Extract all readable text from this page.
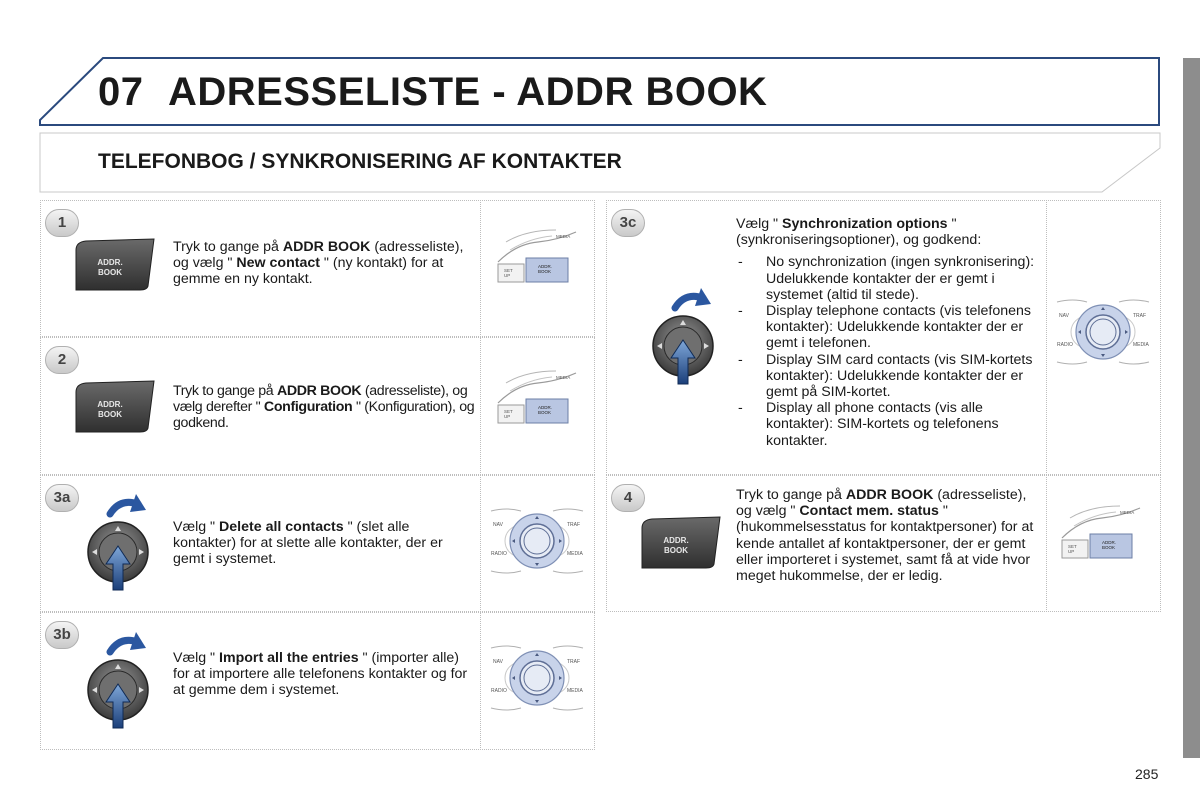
07 ADRESSELISTE - ADDR BOOK
TELEFONBOG / SYNKRONISERING AF KONTAKTER
1
ADDR.
BOOK
Tryk to gange på ADDR BOOK (adresseliste), og vælg " New contact " (ny kontakt) for at gemme en ny kontakt.
SET
UP
ADDR.
BOOK
MEDIA
2
ADDR.
BOOK
Tryk to gange på ADDR BOOK (adresseliste), og vælg derefter " Configuration " (Konfiguration), og godkend.
SET
UP
ADDR.
BOOK
MEDIA
3a
Vælg " Delete all contacts " (slet alle kontakter) for at slette alle kontakter, der er gemt i systemet.
NAV	TRAF
RADIO	MEDIA
3b
Vælg " Import all the entries " (importer alle) for at importere alle telefonens kontakter og for at gemme dem i systemet.
NAV	TRAF
RADIO	MEDIA
3c	Vælg " Synchronization options " (synkroniseringsoptioner), og godkend:
- No synchronization (ingen synkronisering): Udelukkende kontakter der er gemt i systemet (altid til stede).
- Display telephone contacts (vis telefonens kontakter): Udelukkende kontakter der er gemt i telefonen.
- Display SIM card contacts (vis SIM-kortets kontakter): Udelukkende kontakter der er gemt på SIM-kortet.
- Display all phone contacts (vis alle kontakter): SIM-kortets og telefonens kontakter.
NAV	TRAF
RADIO	MEDIA
4
ADDR.
BOOK
Tryk to gange på ADDR BOOK (adresseliste), og vælg " Contact mem. status " (hukommelsesstatus for kontaktpersoner) for at kende antallet af kontaktpersoner, der er gemt eller importeret i systemet, samt få at vide hvor meget hukommelse, der er ledig.
SET
UP
ADDR.
BOOK
MEDIA
285
